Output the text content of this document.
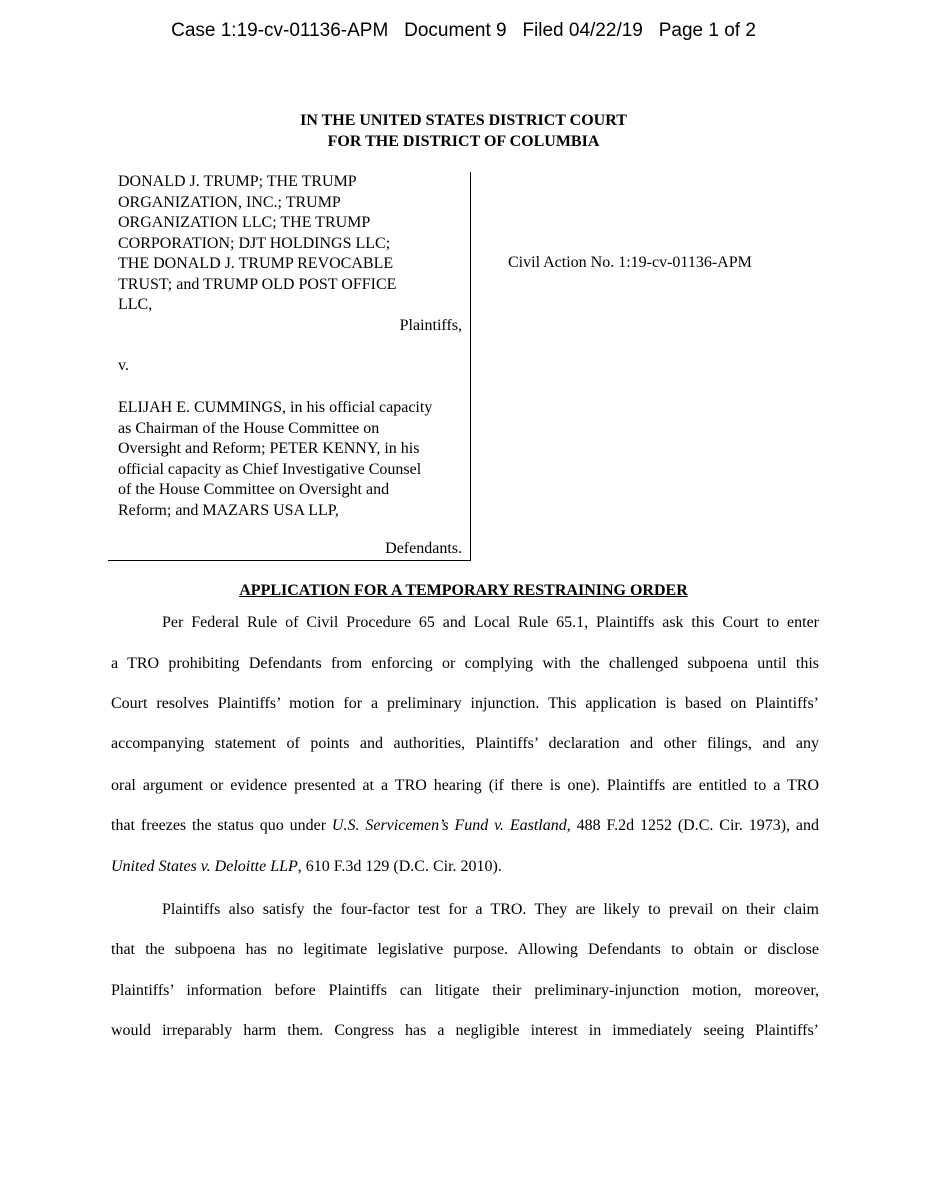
Case 1:19-cv-01136-APM Document 9 Filed 04/22/19 Page 1 of 2
IN THE UNITED STATES DISTRICT COURT
FOR THE DISTRICT OF COLUMBIA
DONALD J. TRUMP; THE TRUMP
ORGANIZATION, INC.; TRUMP
ORGANIZATION LLC; THE TRUMP
CORPORATION; DJT HOLDINGS LLC;
THE DONALD J. TRUMP REVOCABLE
TRUST; and TRUMP OLD POST OFFICE
LLC,
Plaintiffs,
v.
ELIJAH E. CUMMINGS, in his official capacity
as Chairman of the House Committee on
Oversight and Reform; PETER KENNY, in his
official capacity as Chief Investigative Counsel
of the House Committee on Oversight and
Reform; and MAZARS USA LLP,
Defendants.
Civil Action No. 1:19-cv-01136-APM
APPLICATION FOR A TEMPORARY RESTRAINING ORDER
Per Federal Rule of Civil Procedure 65 and Local Rule 65.1, Plaintiffs ask this Court to enter
a TRO prohibiting Defendants from enforcing or complying with the challenged subpoena until this
Court resolves Plaintiffs’ motion for a preliminary injunction. This application is based on Plaintiffs’
accompanying statement of points and authorities, Plaintiffs’ declaration and other filings, and any
oral argument or evidence presented at a TRO hearing (if there is one). Plaintiffs are entitled to a TRO
that freezes the status quo under U.S. Servicemen’s Fund v. Eastland, 488 F.2d 1252 (D.C. Cir. 1973), and
United States v. Deloitte LLP, 610 F.3d 129 (D.C. Cir. 2010).
Plaintiffs also satisfy the four-factor test for a TRO. They are likely to prevail on their claim
that the subpoena has no legitimate legislative purpose. Allowing Defendants to obtain or disclose
Plaintiffs’ information before Plaintiffs can litigate their preliminary-injunction motion, moreover,
would irreparably harm them. Congress has a negligible interest in immediately seeing Plaintiffs’
